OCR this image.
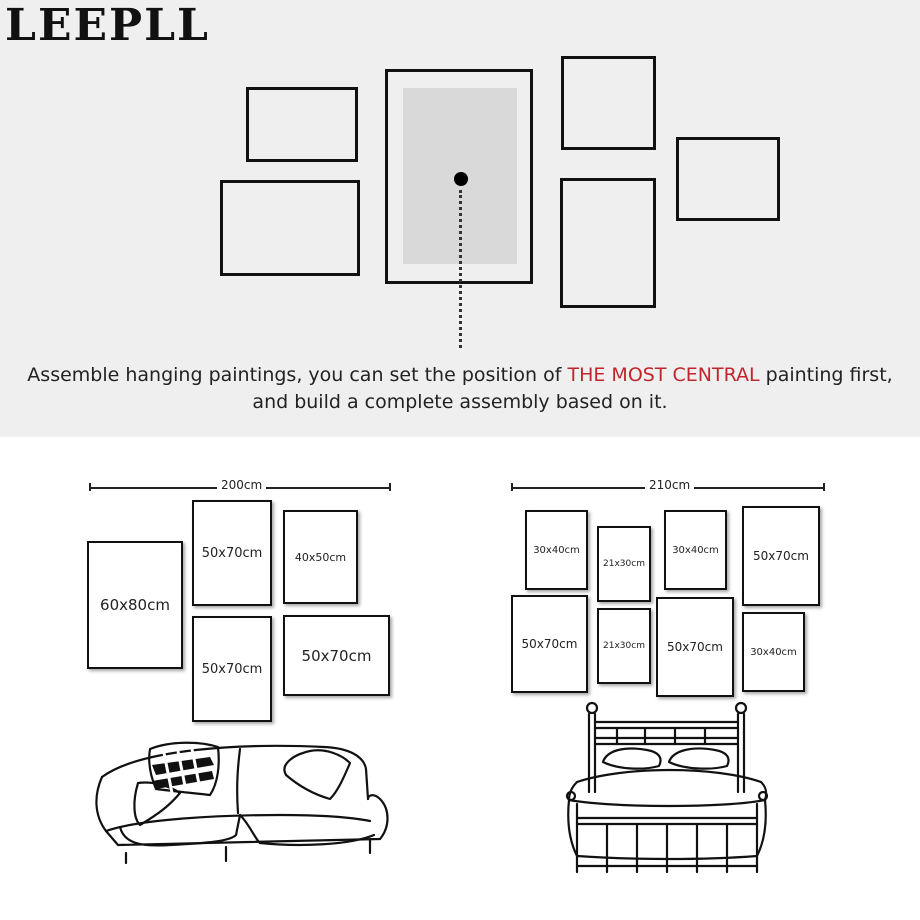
LEEPLL
Assemble hanging paintings, you can set the position of THE MOST CENTRAL painting first,
and build a complete assembly based on it.
200cm
60x80cm
50x70cm	40x50cm
50x70cm
50x70cm
210cm
30x40cm
21x30cm
30x40cm	50x70cm
50x70cm	21x30cm 50x70cm	30x40cm
